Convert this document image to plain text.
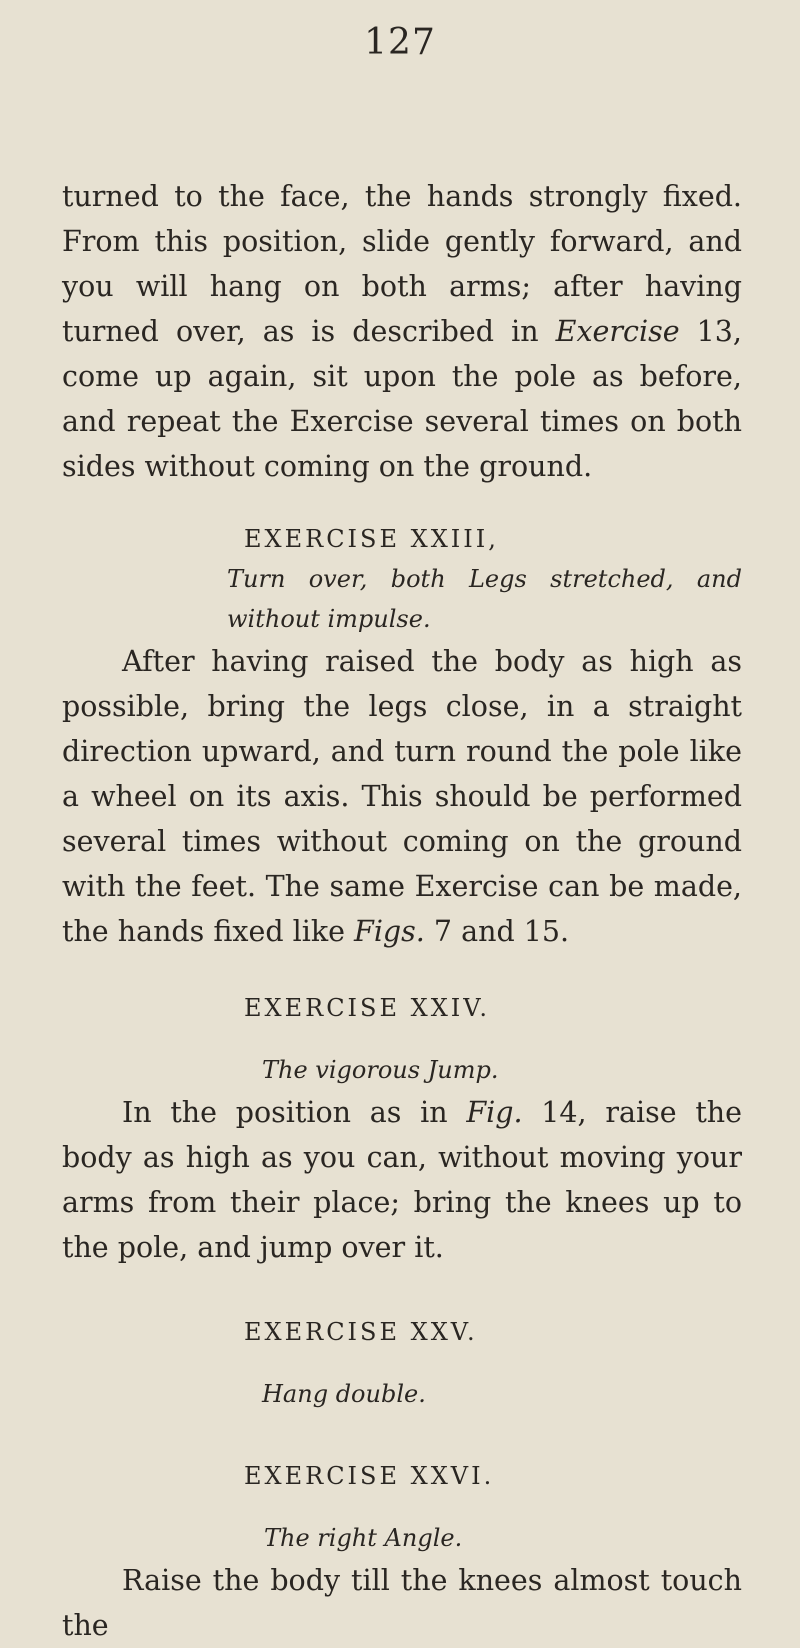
127

turned to the face, the hands strongly fixed. From this position, slide gently forward, and you will hang on both arms; after having turned over, as is described in Exercise 13, come up again, sit upon the pole as before, and repeat the Exercise several times on both sides without coming on the ground.

EXERCISE XXIII,
Turn over, both Legs stretched, and without impulse.

After having raised the body as high as possible, bring the legs close, in a straight direction upward, and turn round the pole like a wheel on its axis. This should be performed several times without coming on the ground with the feet. The same Exercise can be made, the hands fixed like Figs. 7 and 15.

EXERCISE XXIV.
The vigorous Jump.

In the position as in Fig. 14, raise the body as high as you can, without moving your arms from their place; bring the knees up to the pole, and jump over it.

EXERCISE XXV.
Hang double.
EXERCISE XXVI.
The right Angle.

Raise the body till the knees almost touch the
